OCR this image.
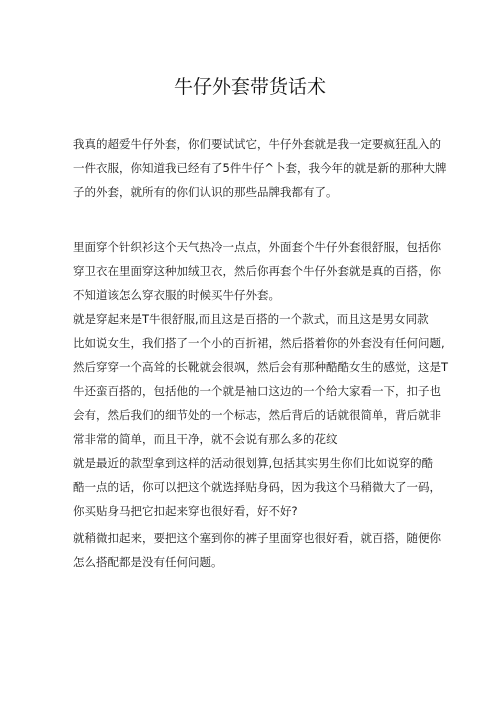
牛仔外套带货话术
我真的超爱牛仔外套，你们要试试它，牛仔外套就是我一定要疯狂乱入的
一件衣服，你知道我已经有了5件牛仔^卜套，我今年的就是新的那种大牌
子的外套，就所有的你们认识的那些品牌我都有了。
里面穿个针织衫这个天气热冷一点点，外面套个牛仔外套很舒服，包括你
穿卫衣在里面穿这种加绒卫衣，然后你再套个牛仔外套就是真的百搭，你
不知道该怎么穿衣服的时候买牛仔外套。
就是穿起来是T牛很舒服,而且这是百搭的一个款式，而且这是男女同款
比如说女生，我们搭了一个小的百折裙，然后搭着你的外套没有任何问题,
然后穿穿一个高耸的长靴就会很飒，然后会有那种酷酷女生的感觉，这是T
牛还蛮百搭的，包括他的一个就是袖口这边的一个给大家看一下，扣子也
会有，然后我们的细节处的一个标志，然后背后的话就很简单，背后就非
常非常的简单，而且干净，就不会说有那么多的花纹
就是最近的款型拿到这样的活动很划算,包括其实男生你们比如说穿的酷
酷一点的话，你可以把这个就选择贴身码，因为我这个马稍微大了一码，
你买贴身马把它扣起来穿也很好看，好不好?
就稍微扣起来，要把这个塞到你的裤子里面穿也很好看，就百搭，随便你
怎么搭配都是没有任何问题。
